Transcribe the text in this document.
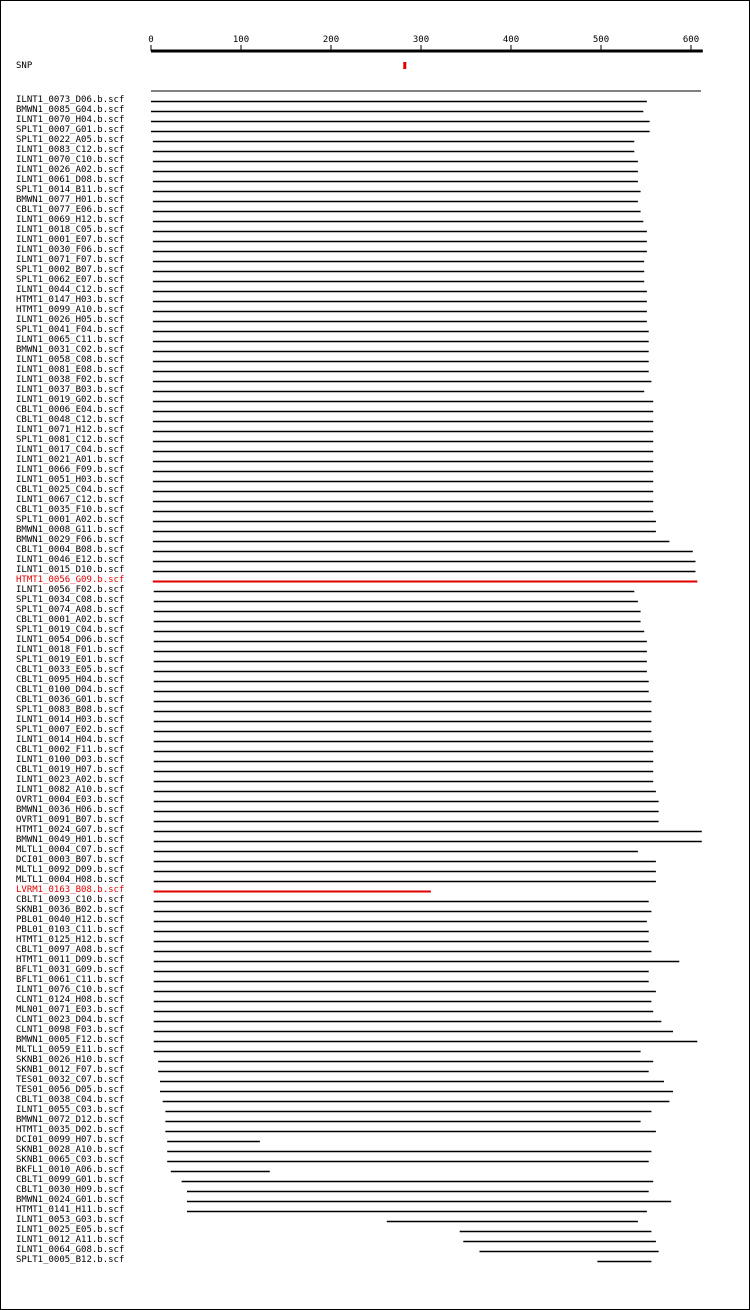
0	100	200	300	400	500	600
SNP
ILNT1_0073_D06.b.scf
BMWN1_0085_G04.b.scf
ILNT1_0070_H04.b.scf
SPLT1_0007_G01.b.scf
SPLT1_0022_A05.b.scf
ILNT1_0083_C12.b.scf
ILNT1_0070_C10.b.scf
ILNT1_0026_A02.b.scf
ILNT1_0061_D08.b.scf
SPLT1_0014_B11.b.scf
BMWN1_0077_H01.b.scf
CBLT1_0077_E06.b.scf
ILNT1_0069_H12.b.scf
ILNT1_0018_C05.b.scf
ILNT1_0001_E07.b.scf
ILNT1_0030_F06.b.scf
ILNT1_0071_F07.b.scf
SPLT1_0002_B07.b.scf
SPLT1_0062_E07.b.scf
ILNT1_0044_C12.b.scf
HTMT1_0147_H03.b.scf
HTMT1_0099_A10.b.scf
ILNT1_0026_H05.b.scf
SPLT1_0041_F04.b.scf
ILNT1_0065_C11.b.scf
BMWN1_0031_C02.b.scf
ILNT1_0058_C08.b.scf
ILNT1_0081_E08.b.scf
ILNT1_0038_F02.b.scf
ILNT1_0037_B03.b.scf
ILNT1_0019_G02.b.scf
CBLT1_0006_E04.b.scf
CBLT1_0048_C12.b.scf
ILNT1_0071_H12.b.scf
SPLT1_0081_C12.b.scf
ILNT1_0017_C04.b.scf
ILNT1_0021_A01.b.scf
ILNT1_0066_F09.b.scf
ILNT1_0051_H03.b.scf
CBLT1_0025_C04.b.scf
ILNT1_0067_C12.b.scf
CBLT1_0035_F10.b.scf
SPLT1_0001_A02.b.scf
BMWN1_0008_G11.b.scf
BMWN1_0029_F06.b.scf
CBLT1_0004_B08.b.scf
ILNT1_0046_E12.b.scf
ILNT1_0015_D10.b.scf
HTMT1_0056_G09.b.scf
ILNT1_0056_F02.b.scf
SPLT1_0034_C08.b.scf
SPLT1_0074_A08.b.scf
CBLT1_0001_A02.b.scf
SPLT1_0019_C04.b.scf
ILNT1_0054_D06.b.scf
ILNT1_0018_F01.b.scf
SPLT1_0019_E01.b.scf
CBLT1_0033_E05.b.scf
CBLT1_0095_H04.b.scf
CBLT1_0100_D04.b.scf
CBLT1_0036_G01.b.scf
SPLT1_0083_B08.b.scf
ILNT1_0014_H03.b.scf
SPLT1_0007_E02.b.scf
ILNT1_0014_H04.b.scf
CBLT1_0002_F11.b.scf
ILNT1_0100_D03.b.scf
CBLT1_0019_H07.b.scf
ILNT1_0023_A02.b.scf
ILNT1_0082_A10.b.scf
OVRT1_0004_E03.b.scf
BMWN1_0036_H06.b.scf
OVRT1_0091_B07.b.scf
HTMT1_0024_G07.b.scf
BMWN1_0049_H01.b.scf
MLTL1_0004_C07.b.scf
DCI01_0003_B07.b.scf
MLTL1_0092_D09.b.scf
MLTL1_0004_H08.b.scf
LVRM1_0163_B08.b.scf
CBLT1_0093_C10.b.scf
SKNB1_0036_B02.b.scf
PBL01_0040_H12.b.scf
PBL01_0103_C11.b.scf
HTMT1_0125_H12.b.scf
CBLT1_0097_A08.b.scf
HTMT1_0011_D09.b.scf
BFLT1_0031_G09.b.scf
BFLT1_0061_C11.b.scf
ILNT1_0076_C10.b.scf
CLNT1_0124_H08.b.scf
MLN01_0071_E03.b.scf
CLNT1_0023_D04.b.scf
CLNT1_0098_F03.b.scf
BMWN1_0005_F12.b.scf
MLTL1_0059_E11.b.scf
SKNB1_0026_H10.b.scf
SKNB1_0012_F07.b.scf
TES01_0032_C07.b.scf
TES01_0056_D05.b.scf
CBLT1_0038_C04.b.scf
ILNT1_0055_C03.b.scf
BMWN1_0072_D12.b.scf
HTMT1_0035_D02.b.scf
DCI01_0099_H07.b.scf
SKNB1_0028_A10.b.scf
SKNB1_0065_C03.b.scf
BKFL1_0010_A06.b.scf
CBLT1_0099_G01.b.scf
CBLT1_0030_H09.b.scf
BMWN1_0024_G01.b.scf
HTMT1_0141_H11.b.scf
ILNT1_0053_G03.b.scf
ILNT1_0025_E05.b.scf
ILNT1_0012_A11.b.scf
ILNT1_0064_G08.b.scf
SPLT1_0005_B12.b.scf
